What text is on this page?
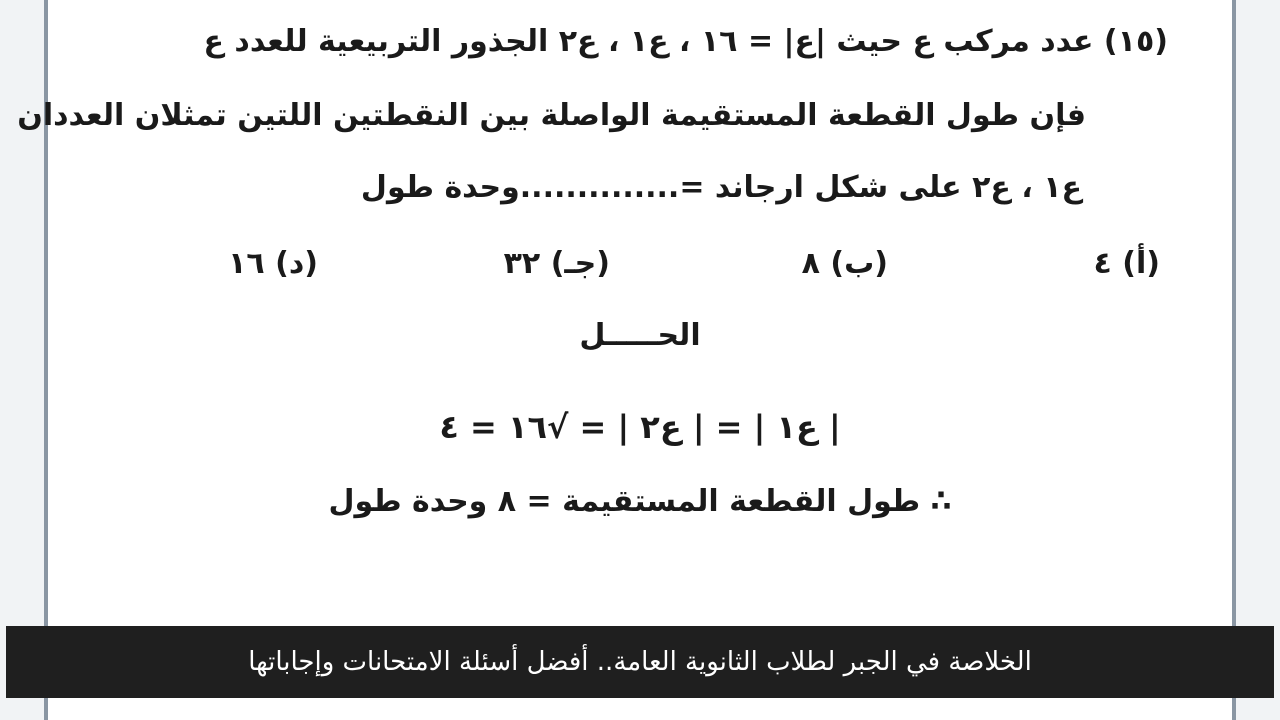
(١٥) عدد مركب ع حيث |ع| = ١٦ ، ع١ ، ع٢ الجذور التربيعية للعدد ع
فإن طول القطعة المستقيمة الواصلة بين النقطتين اللتين تمثلان العددان
ع١ ، ع٢ على شكل ارجاند =..............وحدة طول
(أ) ٤
(ب) ٨
(جـ) ٣٢
(د) ١٦
الحـــــل
| ع١ | = | ع٢ | = √١٦ = ٤
∴ طول القطعة المستقيمة = ٨ وحدة طول
الخلاصة في الجبر لطلاب الثانوية العامة.. أفضل أسئلة الامتحانات وإجاباتها
